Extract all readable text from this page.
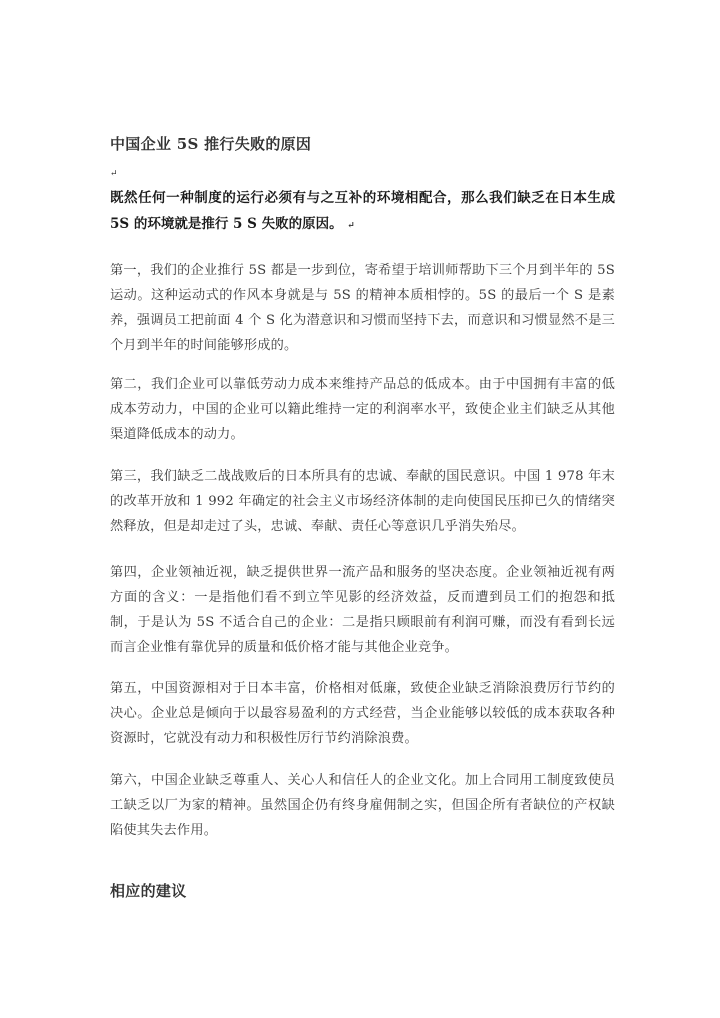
中国企业 5S 推行失败的原因
↵
既然任何一种制度的运行必须有与之互补的环境相配合，那么我们缺乏在日本生成 5S 的环境就是推行 5 S 失败的原因。 ↵
第一，我们的企业推行 5S 都是一步到位，寄希望于培训师帮助下三个月到半年的 5S 运动。这种运动式的作风本身就是与 5S 的精神本质相悖的。5S 的最后一个 S 是素养，强调员工把前面 4 个 S 化为潜意识和习惯而坚持下去，而意识和习惯显然不是三个月到半年的时间能够形成的。
第二，我们企业可以靠低劳动力成本来维持产品总的低成本。由于中国拥有丰富的低成本劳动力，中国的企业可以籍此维持一定的利润率水平，致使企业主们缺乏从其他渠道降低成本的动力。
第三，我们缺乏二战战败后的日本所具有的忠诚、奉献的国民意识。中国 1 978 年末的改革开放和 1 992 年确定的社会主义市场经济体制的走向使国民压抑已久的情绪突然释放，但是却走过了头，忠诚、奉献、责任心等意识几乎消失殆尽。
第四，企业领袖近视，缺乏提供世界一流产品和服务的坚决态度。企业领袖近视有两方面的含义：一是指他们看不到立竿见影的经济效益，反而遭到员工们的抱怨和抵制，于是认为 5S 不适合自己的企业：二是指只顾眼前有利润可赚，而没有看到长远而言企业惟有靠优异的质量和低价格才能与其他企业竞争。
第五，中国资源相对于日本丰富，价格相对低廉，致使企业缺乏消除浪费厉行节约的决心。企业总是倾向于以最容易盈利的方式经营，当企业能够以较低的成本获取各种资源时，它就没有动力和积极性厉行节约消除浪费。
第六，中国企业缺乏尊重人、关心人和信任人的企业文化。加上合同用工制度致使员工缺乏以厂为家的精神。虽然国企仍有终身雇佣制之实，但国企所有者缺位的产权缺陷使其失去作用。
相应的建议
